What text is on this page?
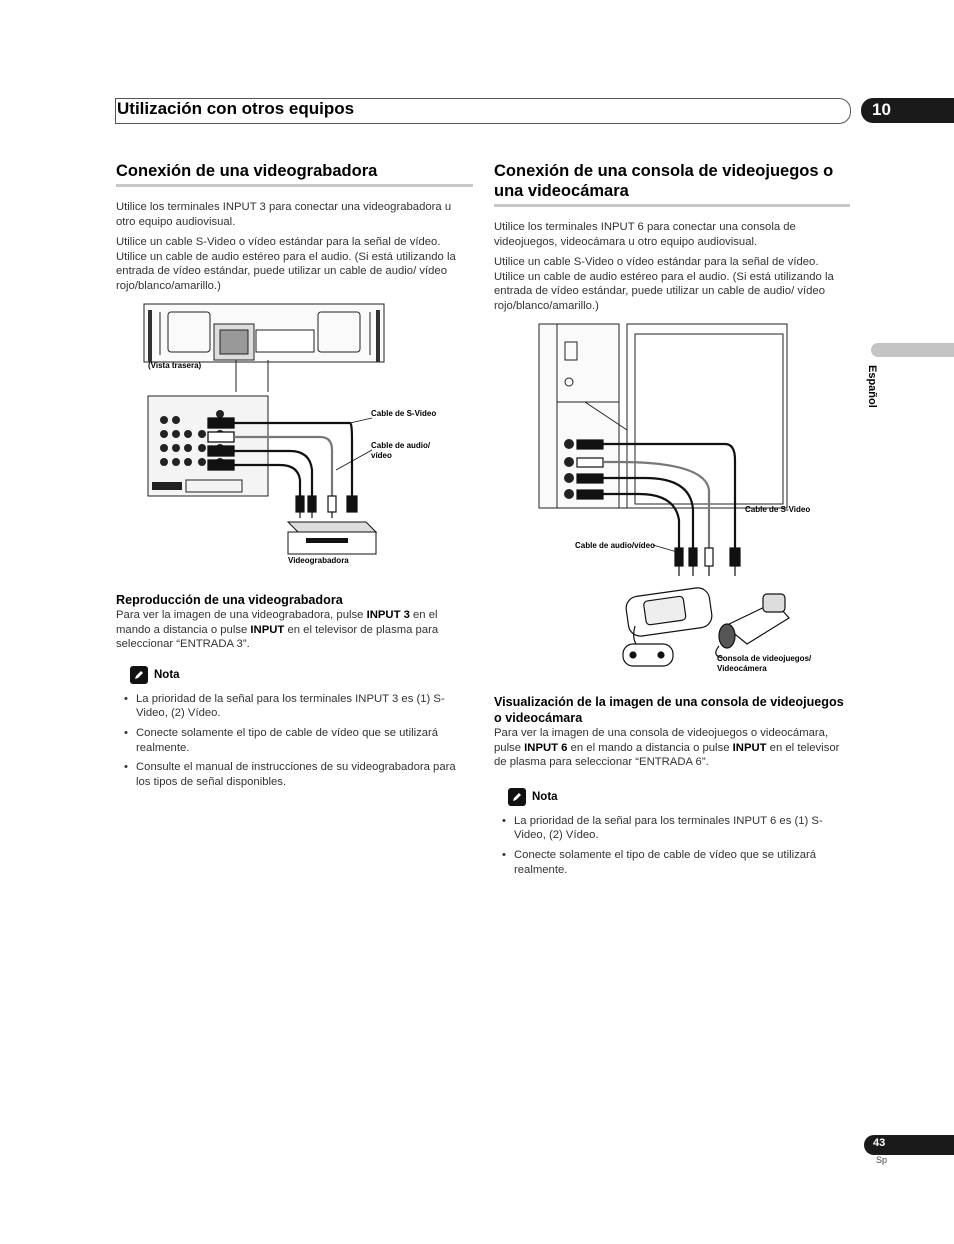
Utilización con otros equipos	10
Español
Conexión de una videograbadora

Utilice los terminales INPUT 3 para conectar una videograbadora u otro equipo audiovisual.

Utilice un cable S-Video o vídeo estándar para la señal de vídeo. Utilice un cable de audio estéreo para el audio. (Si está utilizando la entrada de vídeo estándar, puede utilizar un cable de audio/ vídeo rojo/blanco/amarillo.)

(Vista trasera)
Cable de S-Video
Cable de audio/
vídeo
Videograbadora
Reproducción de una videograbadora

Para ver la imagen de una videograbadora, pulse INPUT 3 en el mando a distancia o pulse INPUT en el televisor de plasma para seleccionar “ENTRADA 3”.

Nota
• La prioridad de la señal para los terminales INPUT 3 es (1) S-Video, (2) Vídeo.
• Conecte solamente el tipo de cable de vídeo que se utilizará realmente.
• Consulte el manual de instrucciones de su videograbadora para los tipos de señal disponibles.
Conexión de una consola de videojuegos o una videocámara

Utilice los terminales INPUT 6 para conectar una consola de videojuegos, videocámara u otro equipo audiovisual.

Utilice un cable S-Video o vídeo estándar para la señal de vídeo. Utilice un cable de audio estéreo para el audio. (Si está utilizando la entrada de vídeo estándar, puede utilizar un cable de audio/ vídeo rojo/blanco/amarillo.)

Cable de S-Video
Cable de audio/vídeo
Consola de videojuegos/
Videocámera
Visualización de la imagen de una consola de videojuegos o videocámara

Para ver la imagen de una consola de videojuegos o videocámara, pulse INPUT 6 en el mando a distancia o pulse INPUT en el televisor de plasma para seleccionar “ENTRADA 6”.

Nota
• La prioridad de la señal para los terminales INPUT 6 es (1) S-Video, (2) Vídeo.
• Conecte solamente el tipo de cable de vídeo que se utilizará realmente.
43
Sp
